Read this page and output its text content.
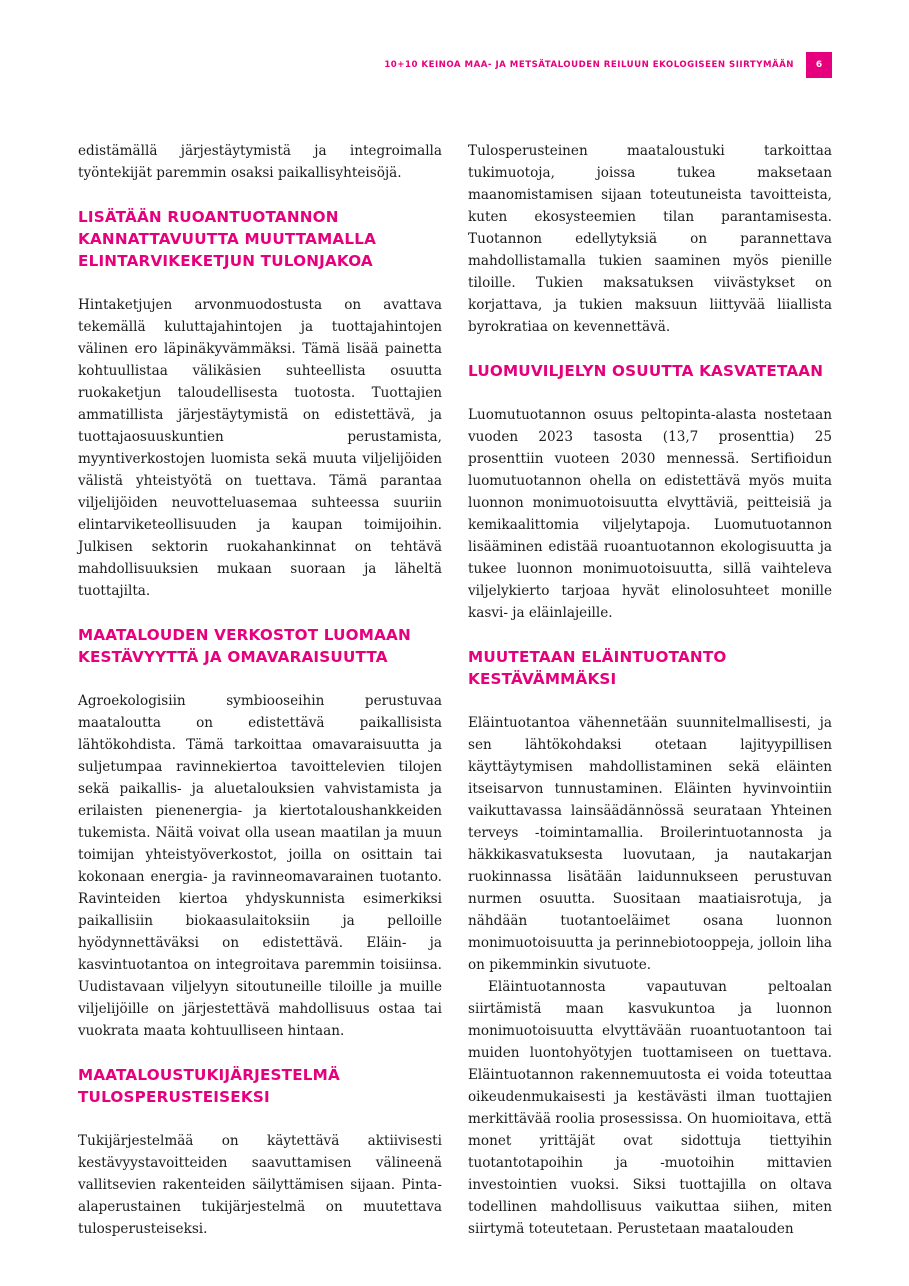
10+10 KEINOA MAA- JA METSÄTALOUDEN REILUUN EKOLOGISEEN SIIRTYMÄÄN	6

edistämällä järjestäytymistä ja integroimalla työntekijät paremmin osaksi paikallisyhteisöjä.

LISÄTÄÄN RUOANTUOTANNON KANNATTAVUUTTA MUUTTAMALLA ELINTARVIKEKETJUN TULONJAKOA

Hintaketjujen arvonmuodostusta on avattava tekemällä kuluttajahintojen ja tuottajahintojen välinen ero läpinäkyvämmäksi. Tämä lisää painetta kohtuullistaa välikäsien suhteellista osuutta ruokaketjun taloudellisesta tuotosta. Tuottajien ammatillista järjestäytymistä on edistettävä, ja tuottajaosuuskuntien perustamista, myyntiverkostojen luomista sekä muuta viljelijöiden välistä yhteistyötä on tuettava. Tämä parantaa viljelijöiden neuvotteluasemaa suhteessa suuriin elintarviketeollisuuden ja kaupan toimijoihin. Julkisen sektorin ruokahankinnat on tehtävä mahdollisuuksien mukaan suoraan ja läheltä tuottajilta.

MAATALOUDEN VERKOSTOT LUOMAAN KESTÄVYYTTÄ JA OMAVARAISUUTTA

Agroekologisiin symbiooseihin perustuvaa maataloutta on edistettävä paikallisista lähtökohdista. Tämä tarkoittaa omavaraisuutta ja suljetumpaa ravinnekiertoa tavoittelevien tilojen sekä paikallis- ja aluetalouksien vahvistamista ja erilaisten pienenergia- ja kiertotaloushankkeiden tukemista. Näitä voivat olla usean maatilan ja muun toimijan yhteistyöverkostot, joilla on osittain tai kokonaan energia- ja ravinneomavarainen tuotanto. Ravinteiden kiertoa yhdyskunnista esimerkiksi paikallisiin biokaasulaitoksiin ja pelloille hyödynnettäväksi on edistettävä. Eläin- ja kasvintuotantoa on integroitava paremmin toisiinsa. Uudistavaan viljelyyn sitoutuneille tiloille ja muille viljelijöille on järjestettävä mahdollisuus ostaa tai vuokrata maata kohtuulliseen hintaan.

MAATALOUSTUKIJÄRJESTELMÄ TULOSPERUSTEISEKSI

Tukijärjestelmää on käytettävä aktiivisesti kestävyystavoitteiden saavuttamisen välineenä vallitsevien rakenteiden säilyttämisen sijaan. Pinta-alaperustainen tukijärjestelmä on muutettava tulosperusteiseksi.

Tulosperusteinen maataloustuki tarkoittaa tukimuotoja, joissa tukea maksetaan maanomistamisen sijaan toteutuneista tavoitteista, kuten ekosysteemien tilan parantamisesta. Tuotannon edellytyksiä on parannettava mahdollistamalla tukien saaminen myös pienille tiloille. Tukien maksatuksen viivästykset on korjattava, ja tukien maksuun liittyvää liiallista byrokratiaa on kevennettävä.

LUOMUVILJELYN OSUUTTA KASVATETAAN

Luomutuotannon osuus peltopinta-alasta nostetaan vuoden 2023 tasosta (13,7 prosenttia) 25 prosenttiin vuoteen 2030 mennessä. Sertifioidun luomutuotannon ohella on edistettävä myös muita luonnon monimuotoisuutta elvyttäviä, peitteisiä ja kemikaalittomia viljelytapoja. Luomutuotannon lisääminen edistää ruoantuotannon ekologisuutta ja tukee luonnon monimuotoisuutta, sillä vaihteleva viljelykierto tarjoaa hyvät elinolosuhteet monille kasvi- ja eläinlajeille.

MUUTETAAN ELÄINTUOTANTO KESTÄVÄMMÄKSI

Eläintuotantoa vähennetään suunnitelmallisesti, ja sen lähtökohdaksi otetaan lajityypillisen käyttäytymisen mahdollistaminen sekä eläinten itseisarvon tunnustaminen. Eläinten hyvinvointiin vaikuttavassa lainsäädännössä seurataan Yhteinen terveys -toimintamallia. Broilerintuotannosta ja häkkikasvatuksesta luovutaan, ja nautakarjan ruokinnassa lisätään laidunnukseen perustuvan nurmen osuutta. Suositaan maatiaisrotuja, ja nähdään tuotantoeläimet osana luonnon monimuotoisuutta ja perinnebiotooppeja, jolloin liha on pikemminkin sivutuote.

Eläintuotannosta vapautuvan peltoalan siirtämistä maan kasvukuntoa ja luonnon monimuotoisuutta elvyttävään ruoantuotantoon tai muiden luontohyötyjen tuottamiseen on tuettava. Eläintuotannon rakennemuutosta ei voida toteuttaa oikeudenmukaisesti ja kestävästi ilman tuottajien merkittävää roolia prosessissa. On huomioitava, että monet yrittäjät ovat sidottuja tiettyihin tuotantotapoihin ja -muotoihin mittavien investointien vuoksi. Siksi tuottajilla on oltava todellinen mahdollisuus vaikuttaa siihen, miten siirtymä toteutetaan. Perustetaan maatalouden
